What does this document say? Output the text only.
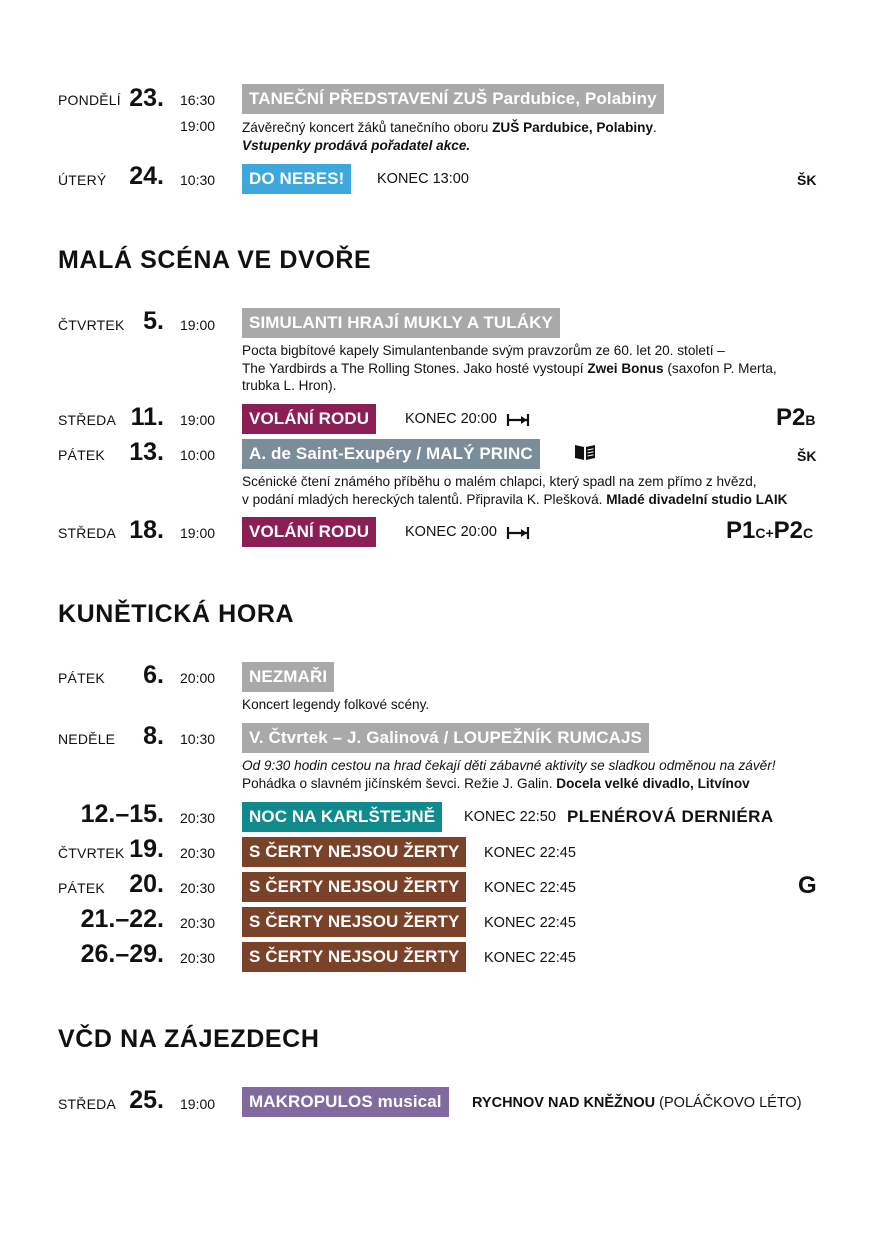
PONDĚLÍ 23. 16:30	TANEČNÍ PŘEDSTAVENÍ ZUŠ Pardubice, Polabiny
19:00 Závěrečný koncert žáků tanečního oboru ZUŠ Pardubice, Polabiny.
Vstupenky prodává pořadatel akce.
ÚTERÝ 24. 10:30	DO NEBES!	KONEC 13:00	ŠK
MALÁ SCÉNA VE DVOŘE
ČTVRTEK 5. 19:00	SIMULANTI HRAJÍ MUKLY A TULÁKY
Pocta bigbítové kapely Simulantenbande svým pravzorům ze 60. let 20. století –
The Yardbirds a The Rolling Stones. Jako hosté vystoupí Zwei Bonus (saxofon P. Merta,
trubka L. Hron).
STŘEDA 11. 19:00	VOLÁNÍ RODU	KONEC 20:00	P2B
PÁTEK 13. 10:00	A. de Saint-Exupéry / MALÝ PRINC	ŠK
Scénické čtení známého příběhu o malém chlapci, který spadl na zem přímo z hvězd,
v podání mladých hereckých talentů. Připravila K. Plešková. Mladé divadelní studio LAIK
STŘEDA 18. 19:00	VOLÁNÍ RODU	KONEC 20:00	P1C+P2C
KUNĚTICKÁ HORA
PÁTEK	6. 20:00	NEZMAŘI
Koncert legendy folkové scény.
NEDĚLE	8. 10:30	V. Čtvrtek – J. Galinová / LOUPEŽNÍK RUMCAJS
Od 9:30 hodin cestou na hrad čekají děti zábavné aktivity se sladkou odměnou na závěr!
Pohádka o slavném jičínském ševci. Režie J. Galin. Docela velké divadlo, Litvínov
12.–15. 20:30	NOC NA KARLŠTEJNĚ	KONEC 22:50 PLENÉROVÁ DERNIÉRA
ČTVRTEK 19. 20:30	S ČERTY NEJSOU ŽERTY	KONEC 22:45
PÁTEK 20. 20:30	S ČERTY NEJSOU ŽERTY	KONEC 22:45	G
21.–22. 20:30	S ČERTY NEJSOU ŽERTY	KONEC 22:45
26.–29. 20:30	S ČERTY NEJSOU ŽERTY	KONEC 22:45
VČD NA ZÁJEZDECH
STŘEDA 25. 19:00	MAKROPULOS musical	RYCHNOV NAD KNĚŽNOU (POLÁČKOVO LÉTO)
